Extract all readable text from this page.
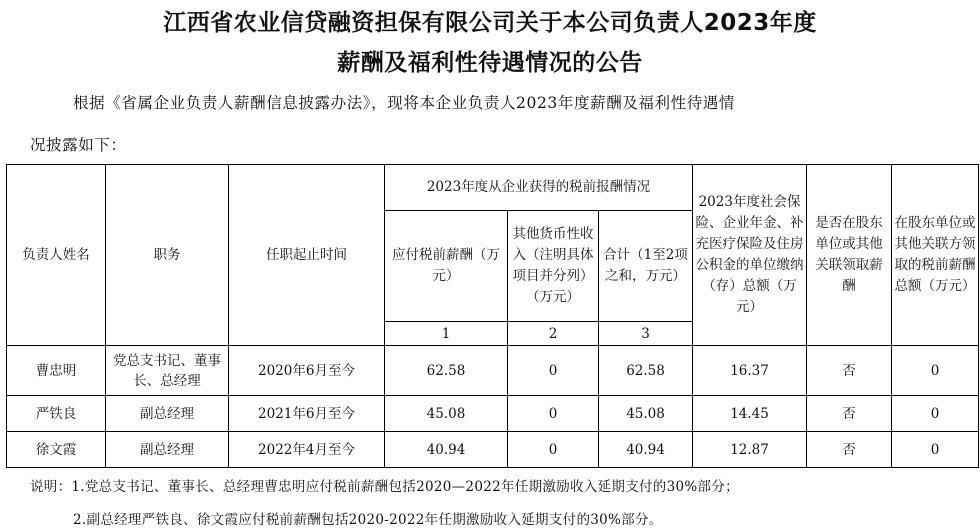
江西省农业信贷融资担保有限公司关于本公司负责人2023年度
薪酬及福利性待遇情况的公告
根据《省属企业负责人薪酬信息披露办法》，现将本企业负责人2023年度薪酬及福利性待遇情
况披露如下：
负责人姓名	职务	任职起止时间	2023年度从企业获得的税前报酬情况			2023年度社会保险、企业年金、补充医疗保险及住房公积金的单位缴纳（存）总额（万元）	是否在股东单位或其他关联领取薪酬	在股东单位或其他关联方领取的税前薪酬总额（万元）
			应付税前薪酬（万元）	其他货币性收入（注明具体项目并分列）（万元）	合计（1至2项之和，万元）			
			1	2	3			
曹忠明	党总支书记、董事长、总经理	2020年6月至今	62.58	0	62.58	16.37	否	0
严铁良	副总经理	2021年6月至今	45.08	0	45.08	14.45	否	0
徐文霞	副总经理	2022年4月至今	40.94	0	40.94	12.87	否	0
说明：1.党总支书记、董事长、总经理曹忠明应付税前薪酬包括2020—2022年任期激励收入延期支付的30%部分；
2.副总经理严铁良、徐文霞应付税前薪酬包括2020-2022年任期激励收入延期支付的30%部分。
